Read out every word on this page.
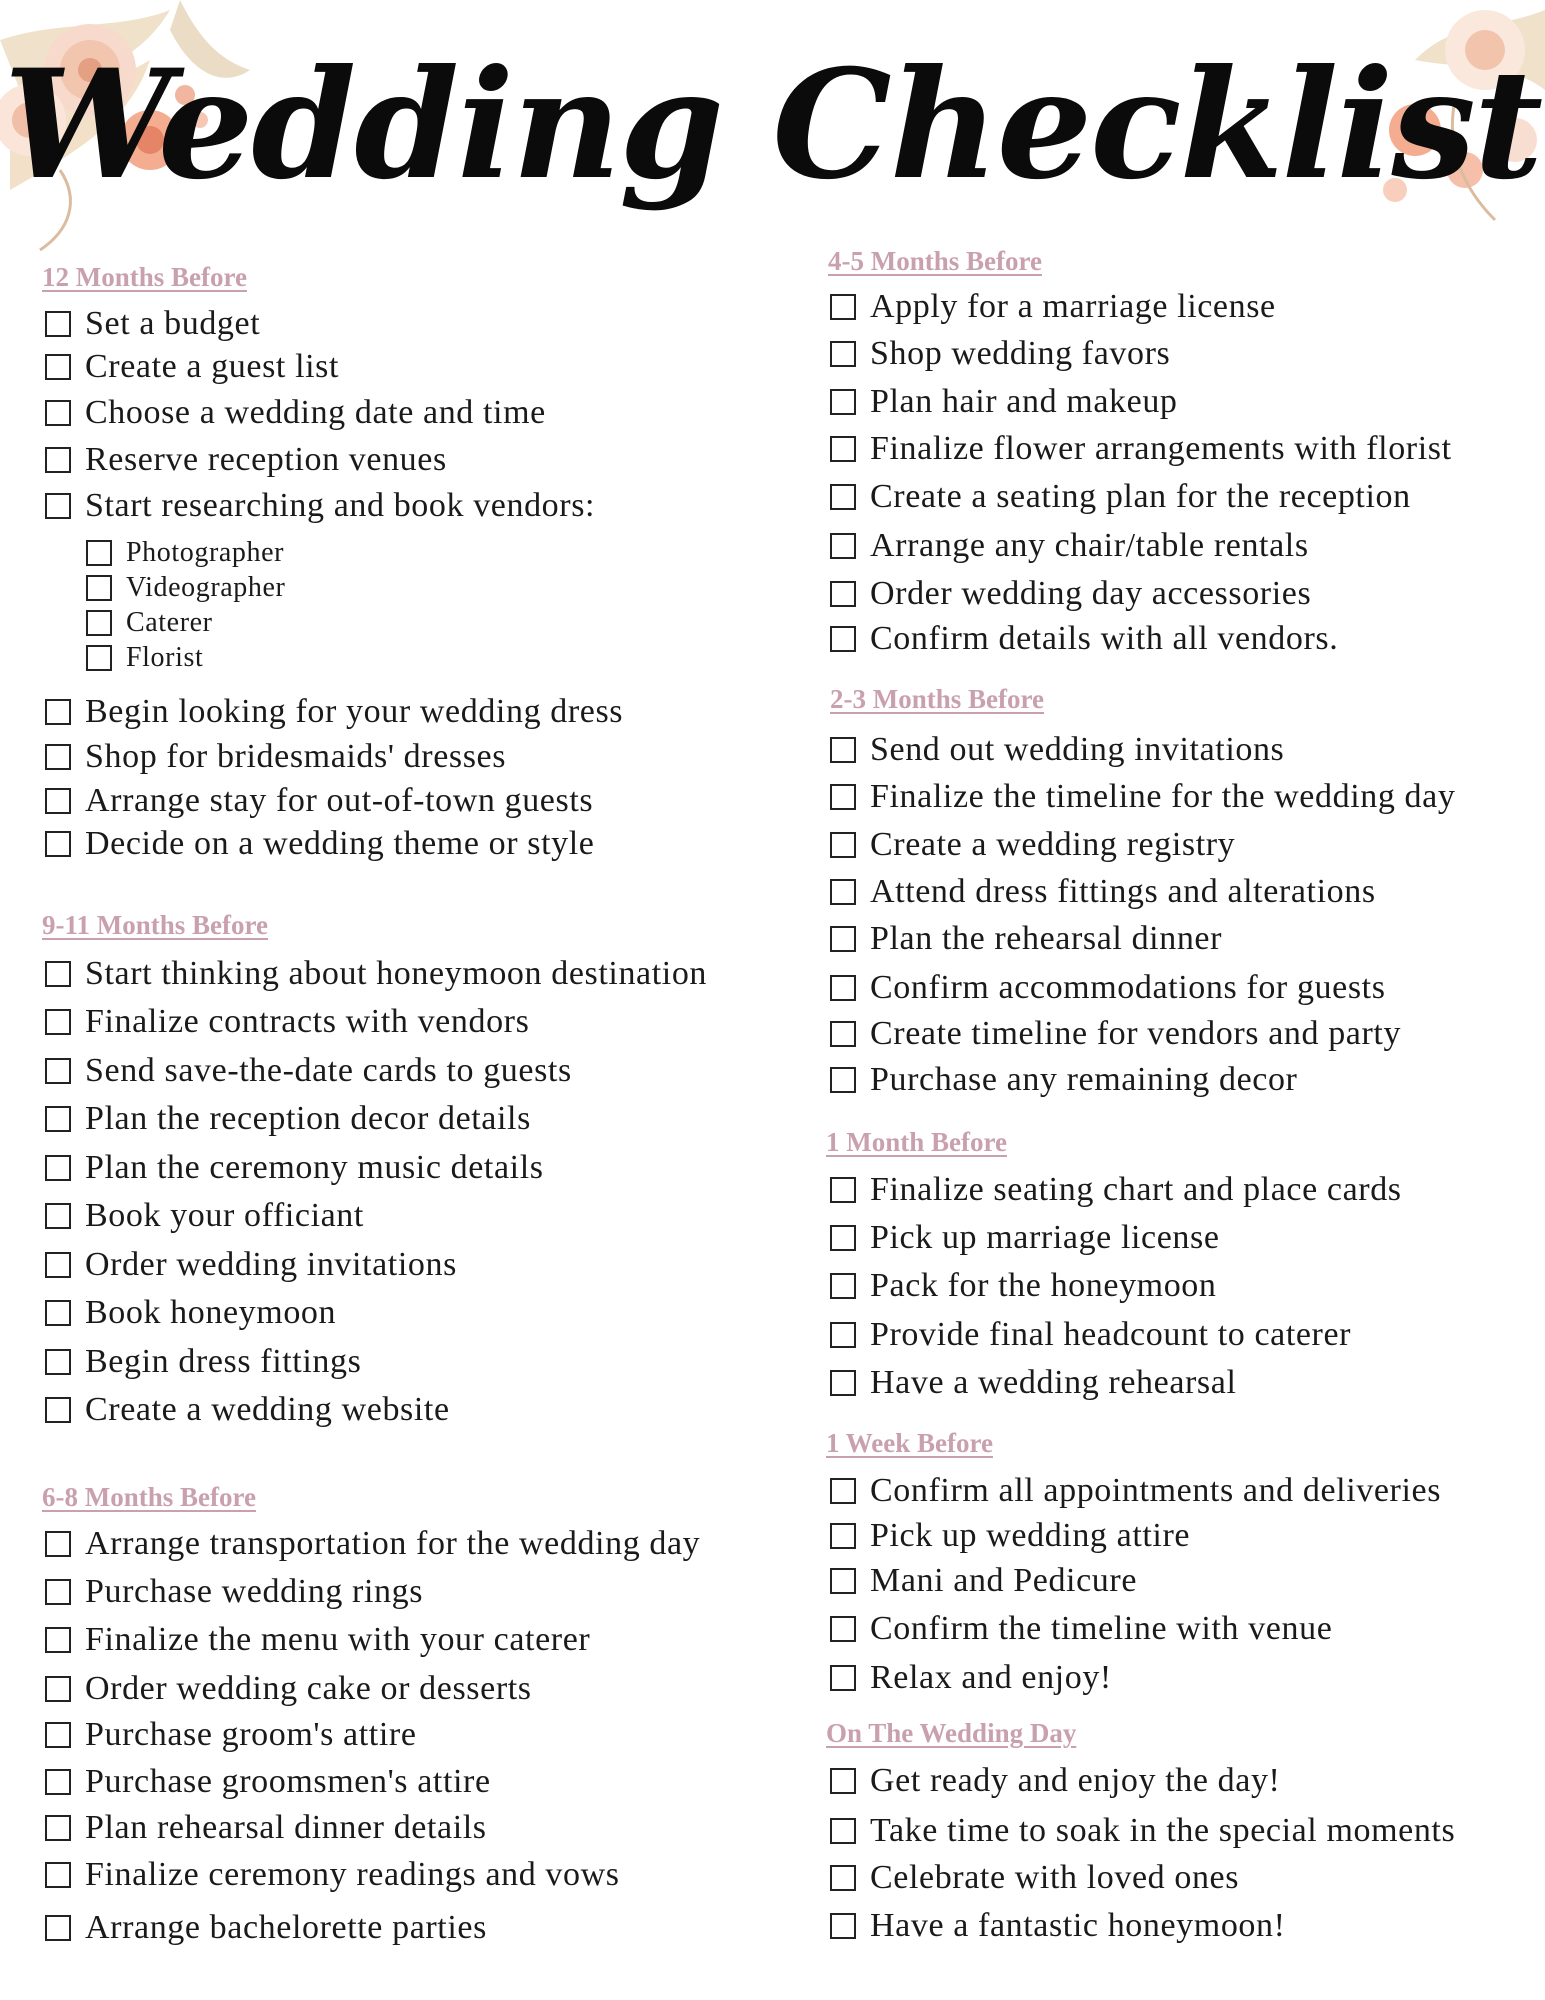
Wedding Checklist
12 Months Before
Set a budget
Create a guest list
Choose a wedding date and time
Reserve reception venues
Start researching and book vendors:
Photographer
Videographer
Caterer
Florist
Begin looking for your wedding dress
Shop for bridesmaids' dresses
Arrange stay for out-of-town guests
Decide on a wedding theme or style
9-11 Months Before
Start thinking about honeymoon destination
Finalize contracts with vendors
Send save-the-date cards to guests
Plan the reception decor details
Plan the ceremony music details
Book your officiant
Order wedding invitations
Book honeymoon
Begin dress fittings
Create a wedding website
6-8 Months Before
Arrange transportation for the wedding day
Purchase wedding rings
Finalize the menu with your caterer
Order wedding cake or desserts
Purchase groom's attire
Purchase groomsmen's attire
Plan rehearsal dinner details
Finalize ceremony readings and vows
Arrange bachelorette parties
4-5 Months Before
Apply for a marriage license
Shop wedding favors
Plan hair and makeup
Finalize flower arrangements with florist
Create a seating plan for the reception
Arrange any chair/table rentals
Order wedding day accessories
Confirm details with all vendors.
2-3 Months Before
Send out wedding invitations
Finalize the timeline for the wedding day
Create a wedding registry
Attend dress fittings and alterations
Plan the rehearsal dinner
Confirm accommodations for guests
Create timeline for vendors and party
Purchase any remaining decor
1 Month Before
Finalize seating chart and place cards
Pick up marriage license
Pack for the honeymoon
Provide final headcount to caterer
Have a wedding rehearsal
1 Week Before
Confirm all appointments and deliveries
Pick up wedding attire
Mani and Pedicure
Confirm the timeline with venue
Relax and enjoy!
On The Wedding Day
Get ready and enjoy the day!
Take time to soak in the special moments
Celebrate with loved ones
Have a fantastic honeymoon!
